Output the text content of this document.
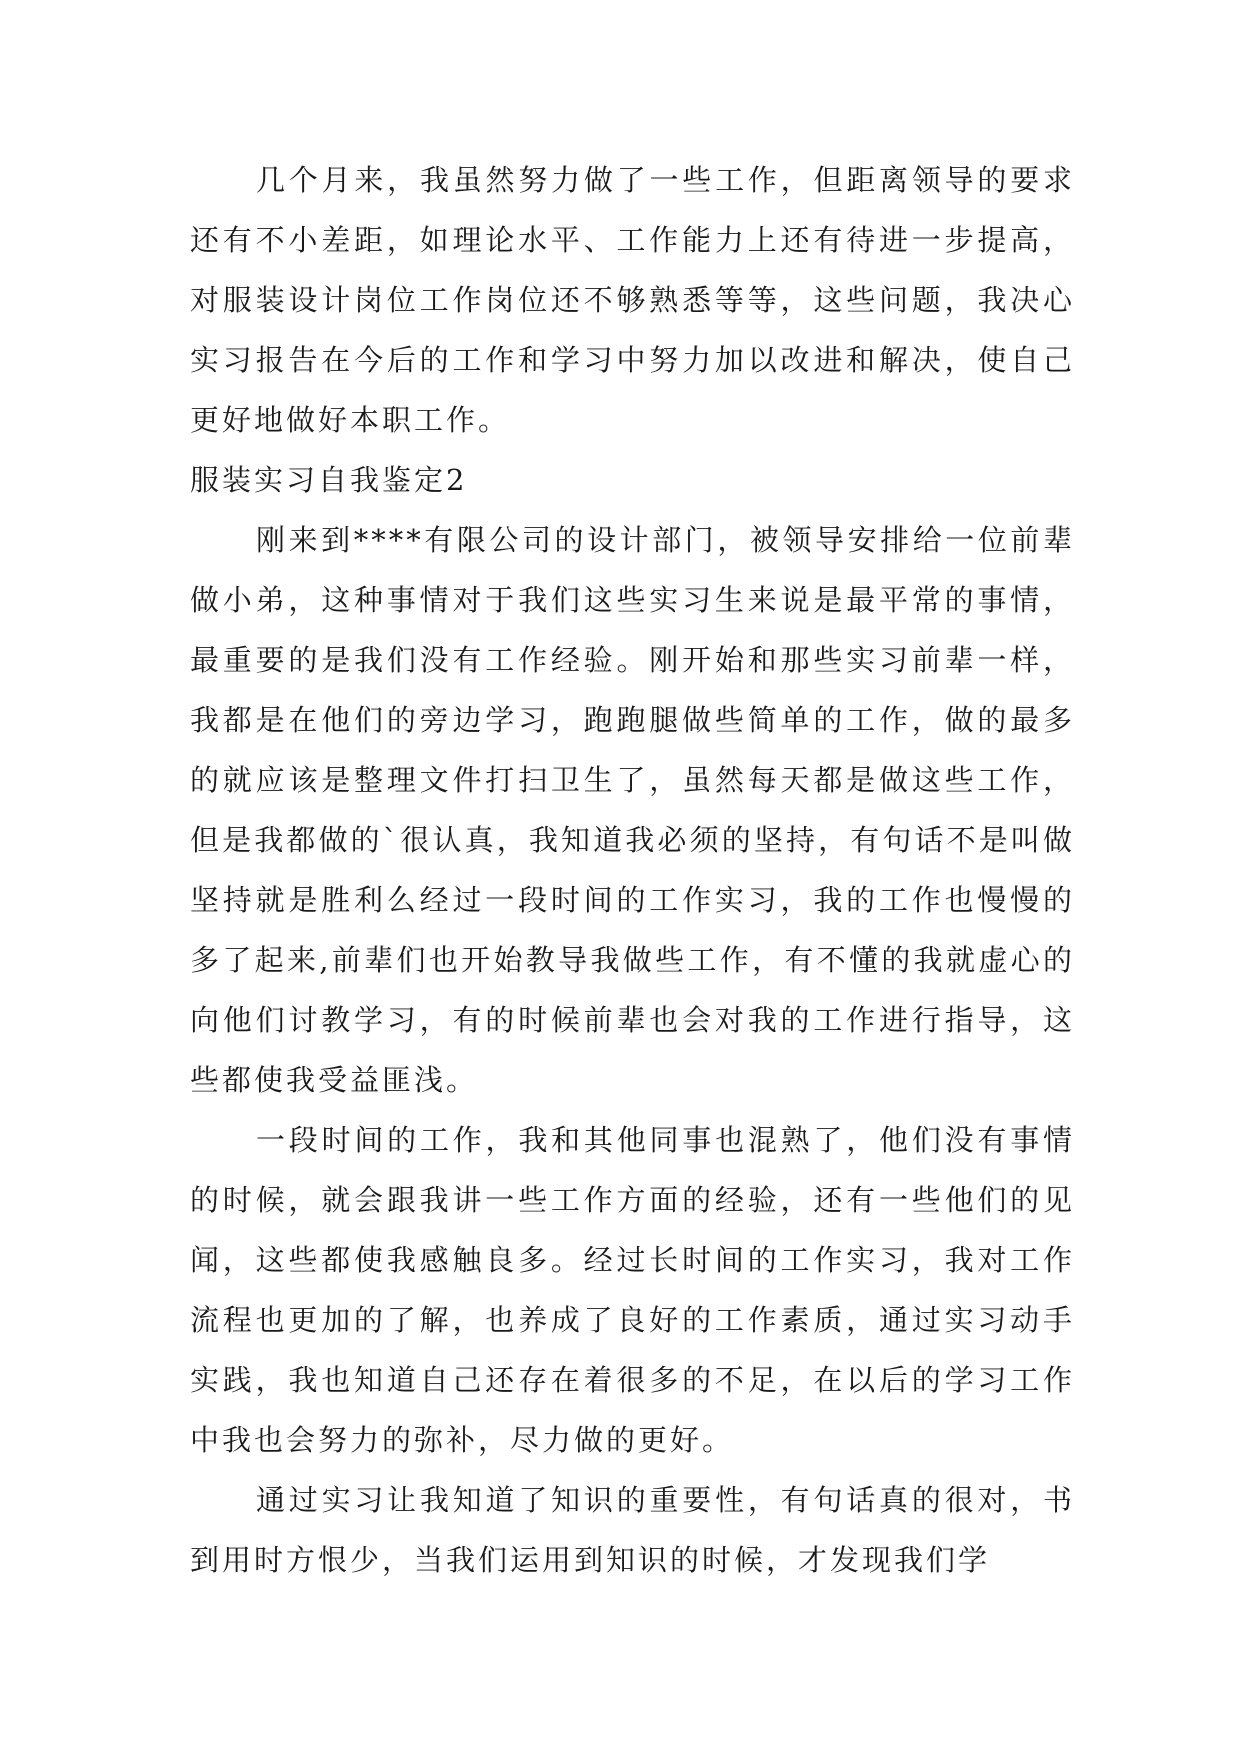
几个月来，我虽然努力做了一些工作，但距离领导的要求还有不小差距，如理论水平、工作能力上还有待进一步提高，对服装设计岗位工作岗位还不够熟悉等等，这些问题，我决心实习报告在今后的工作和学习中努力加以改进和解决，使自己更好地做好本职工作。

服装实习自我鉴定2

刚来到****有限公司的设计部门，被领导安排给一位前辈做小弟，这种事情对于我们这些实习生来说是最平常的事情，最重要的是我们没有工作经验。刚开始和那些实习前辈一样，我都是在他们的旁边学习，跑跑腿做些简单的工作，做的最多的就应该是整理文件打扫卫生了，虽然每天都是做这些工作，但是我都做的`很认真，我知道我必须的坚持，有句话不是叫做坚持就是胜利么经过一段时间的工作实习，我的工作也慢慢的多了起来,前辈们也开始教导我做些工作，有不懂的我就虚心的向他们讨教学习，有的时候前辈也会对我的工作进行指导，这些都使我受益匪浅。

一段时间的工作，我和其他同事也混熟了，他们没有事情的时候，就会跟我讲一些工作方面的经验，还有一些他们的见闻，这些都使我感触良多。经过长时间的工作实习，我对工作流程也更加的了解，也养成了良好的工作素质，通过实习动手实践，我也知道自己还存在着很多的不足，在以后的学习工作中我也会努力的弥补，尽力做的更好。

通过实习让我知道了知识的重要性，有句话真的很对，书到用时方恨少，当我们运用到知识的时候，才发现我们学
